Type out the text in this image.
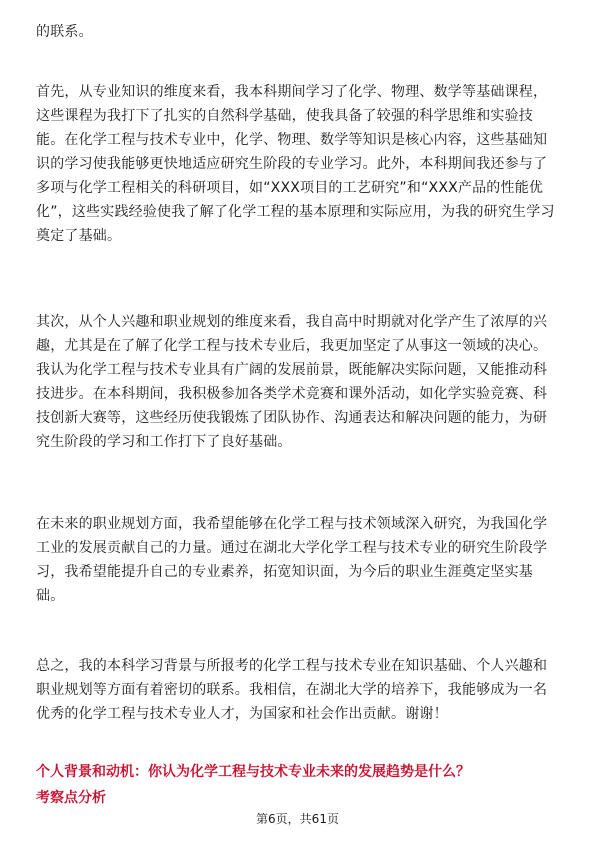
的联系。

首先，从专业知识的维度来看，我本科期间学习了化学、物理、数学等基础课程，
这些课程为我打下了扎实的自然科学基础，使我具备了较强的科学思维和实验技
能。在化学工程与技术专业中，化学、物理、数学等知识是核心内容，这些基础知
识的学习使我能够更快地适应研究生阶段的专业学习。此外，本科期间我还参与了
多项与化学工程相关的科研项目，如“XXX项目的工艺研究”和“XXX产品的性能优
化”，这些实践经验使我了解了化学工程的基本原理和实际应用，为我的研究生学习
奠定了基础。

其次，从个人兴趣和职业规划的维度来看，我自高中时期就对化学产生了浓厚的兴
趣，尤其是在了解了化学工程与技术专业后，我更加坚定了从事这一领域的决心。
我认为化学工程与技术专业具有广阔的发展前景，既能解决实际问题，又能推动科
技进步。在本科期间，我积极参加各类学术竞赛和课外活动，如化学实验竞赛、科
技创新大赛等，这些经历使我锻炼了团队协作、沟通表达和解决问题的能力，为研
究生阶段的学习和工作打下了良好基础。

在未来的职业规划方面，我希望能够在化学工程与技术领域深入研究，为我国化学
工业的发展贡献自己的力量。通过在湖北大学化学工程与技术专业的研究生阶段学
习，我希望能提升自己的专业素养，拓宽知识面，为今后的职业生涯奠定坚实基
础。

总之，我的本科学习背景与所报考的化学工程与技术专业在知识基础、个人兴趣和
职业规划等方面有着密切的联系。我相信，在湖北大学的培养下，我能够成为一名
优秀的化学工程与技术专业人才，为国家和社会作出贡献。谢谢！

个人背景和动机：你认为化学工程与技术专业未来的发展趋势是什么？

考察点分析

第6页，共61页
